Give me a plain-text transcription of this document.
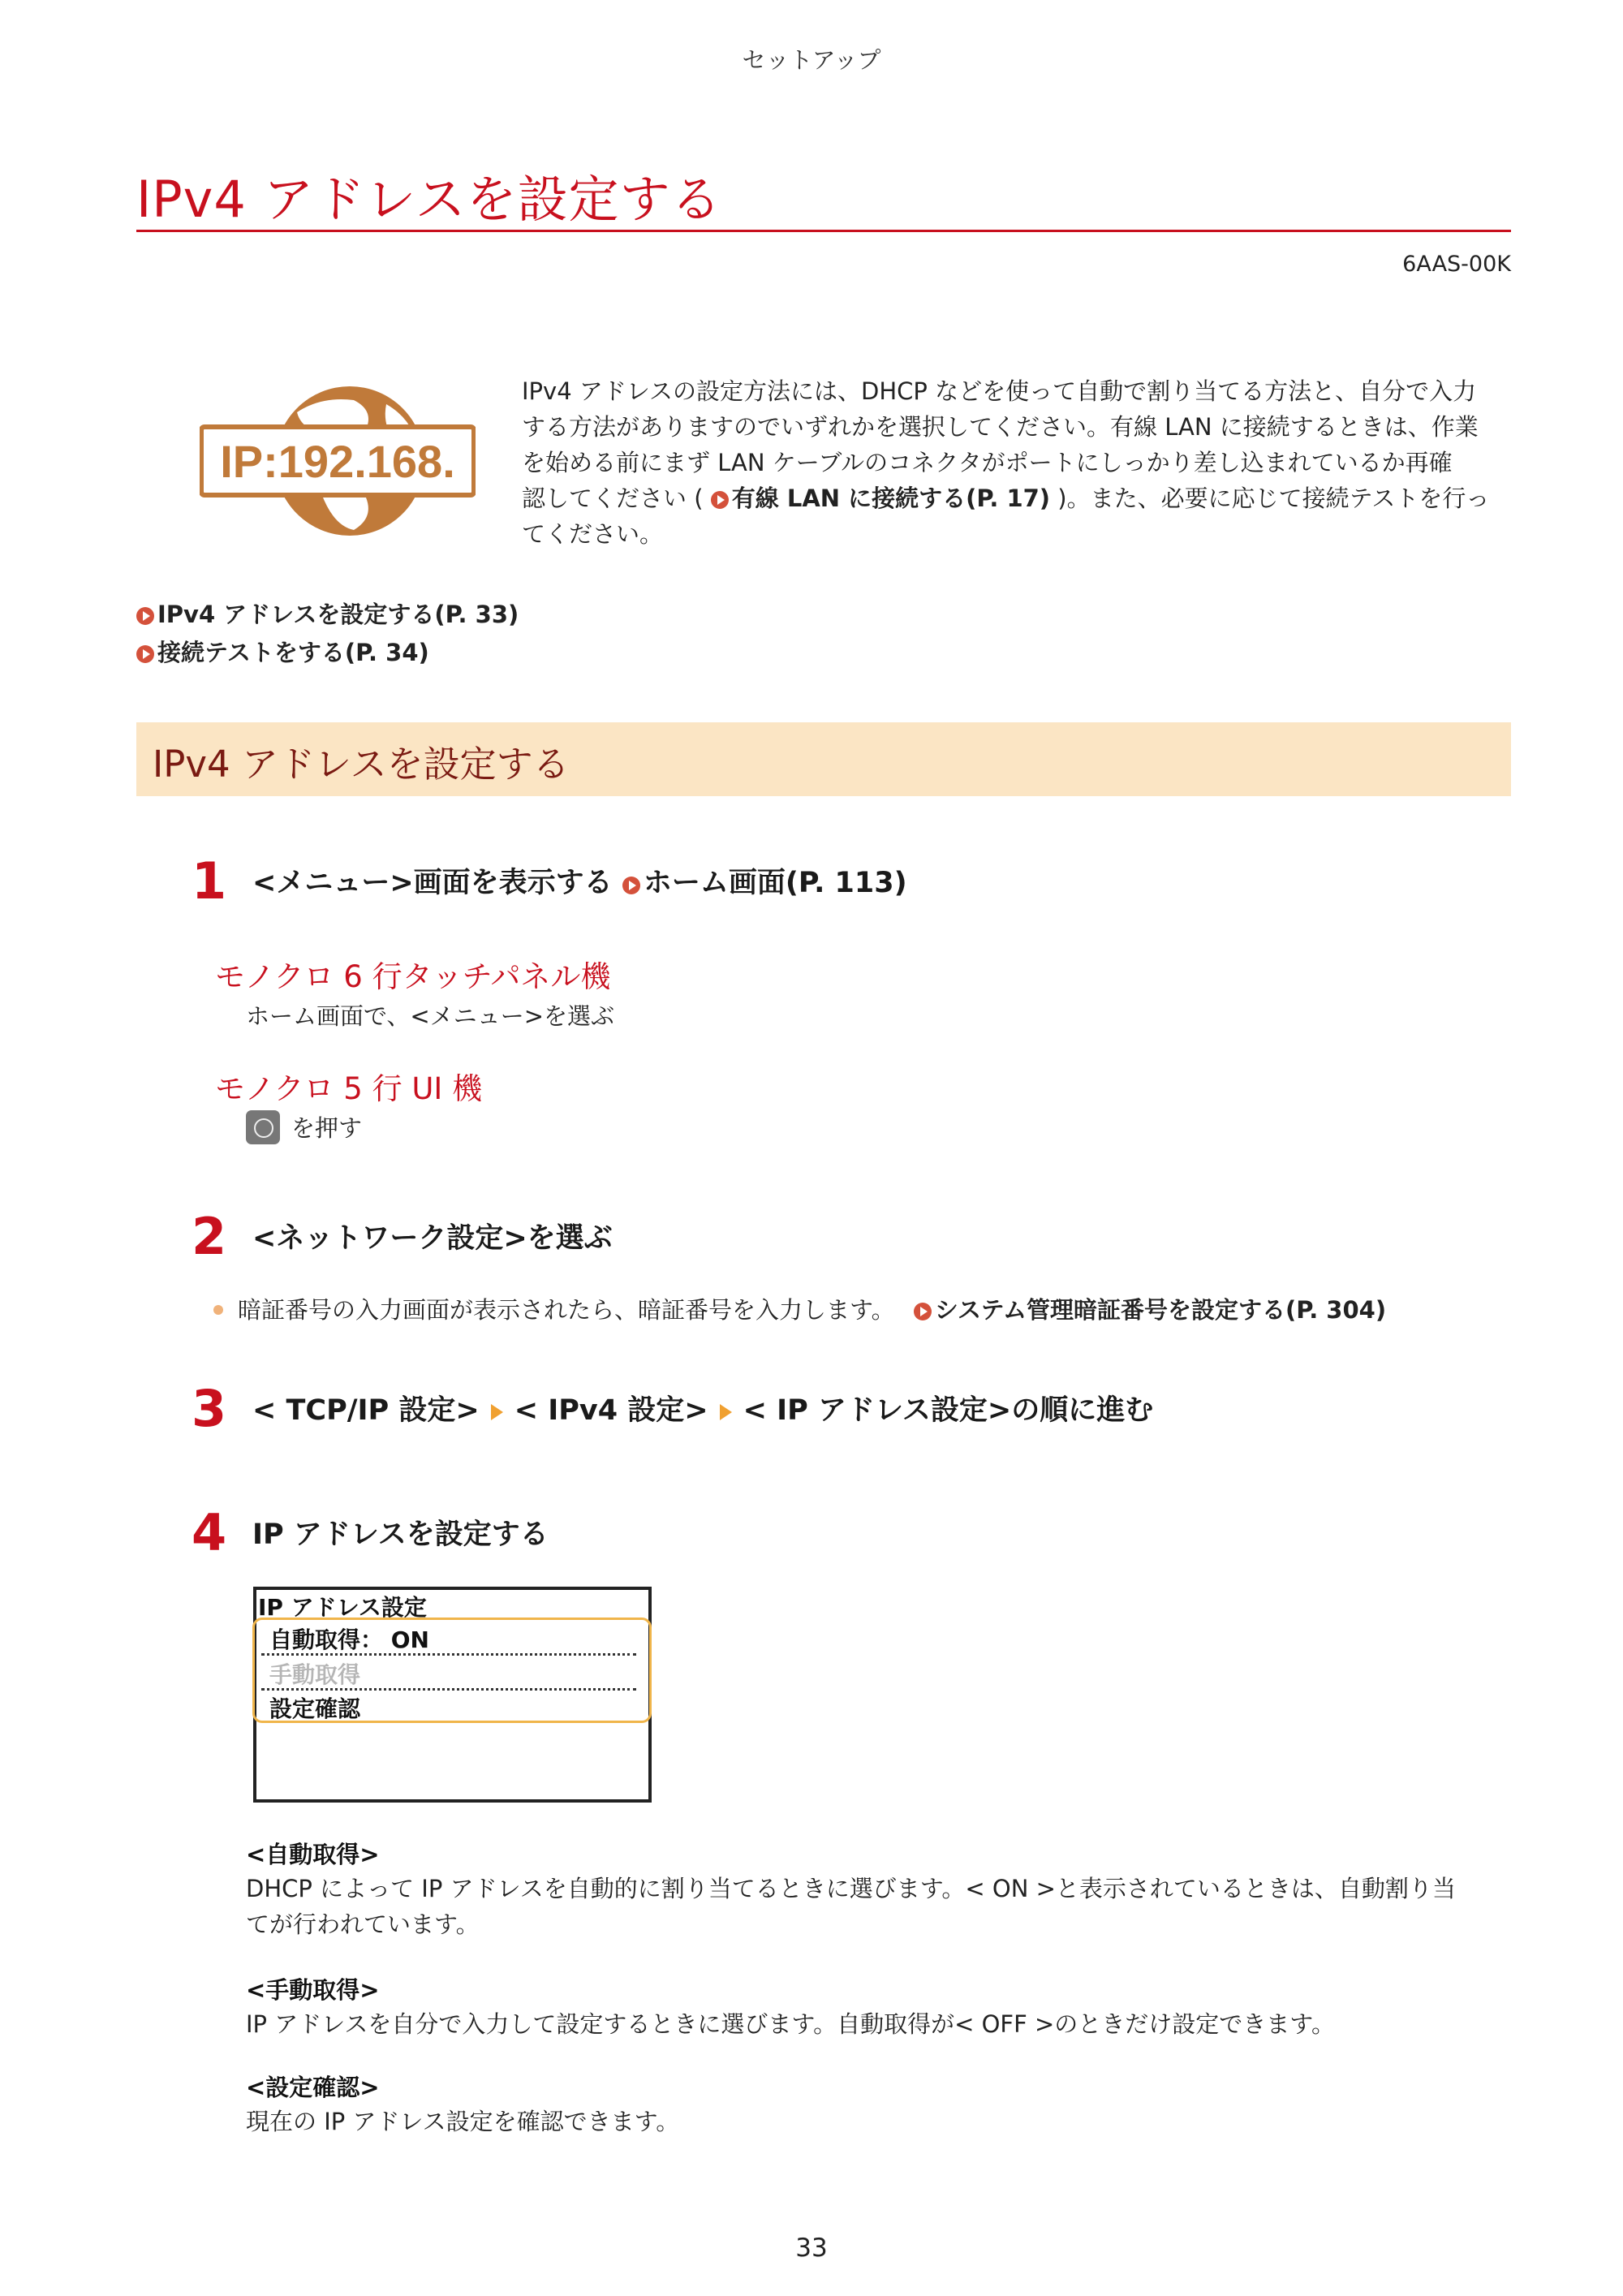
セットアップ
IPv4 アドレスを設定する
6AAS-00K
IP:192.168.
IPv4 アドレスの設定方法には、DHCP などを使って自動で割り当てる方法と、自分で入力
する方法がありますのでいずれかを選択してください。有線 LAN に接続するときは、作業
を始める前にまず LAN ケーブルのコネクタがポートにしっかり差し込まれているか再確
認してください ( 有線 LAN に接続する(P. 17) )。また、必要に応じて接続テストを行っ
てください。
IPv4 アドレスを設定する(P. 33)
接続テストをする(P. 34)
IPv4 アドレスを設定する
1 <メニュー>画面を表示する ホーム画面(P. 113)
モノクロ 6 行タッチパネル機
ホーム画面で、<メニュー>を選ぶ
モノクロ 5 行 UI 機
を押す
2 <ネットワーク設定>を選ぶ
暗証番号の入力画面が表示されたら、暗証番号を入力します。 システム管理暗証番号を設定する(P. 304)
3 < TCP/IP 設定> < IPv4 設定> < IP アドレス設定>の順に進む
4 IP アドレスを設定する
IP アドレス設定
自動取得： ON
手動取得
設定確認
<自動取得>
DHCP によって IP アドレスを自動的に割り当てるときに選びます。< ON >と表示されているときは、自動割り当
てが行われています。
<手動取得>
IP アドレスを自分で入力して設定するときに選びます。自動取得が< OFF >のときだけ設定できます。
<設定確認>
現在の IP アドレス設定を確認できます。
33
